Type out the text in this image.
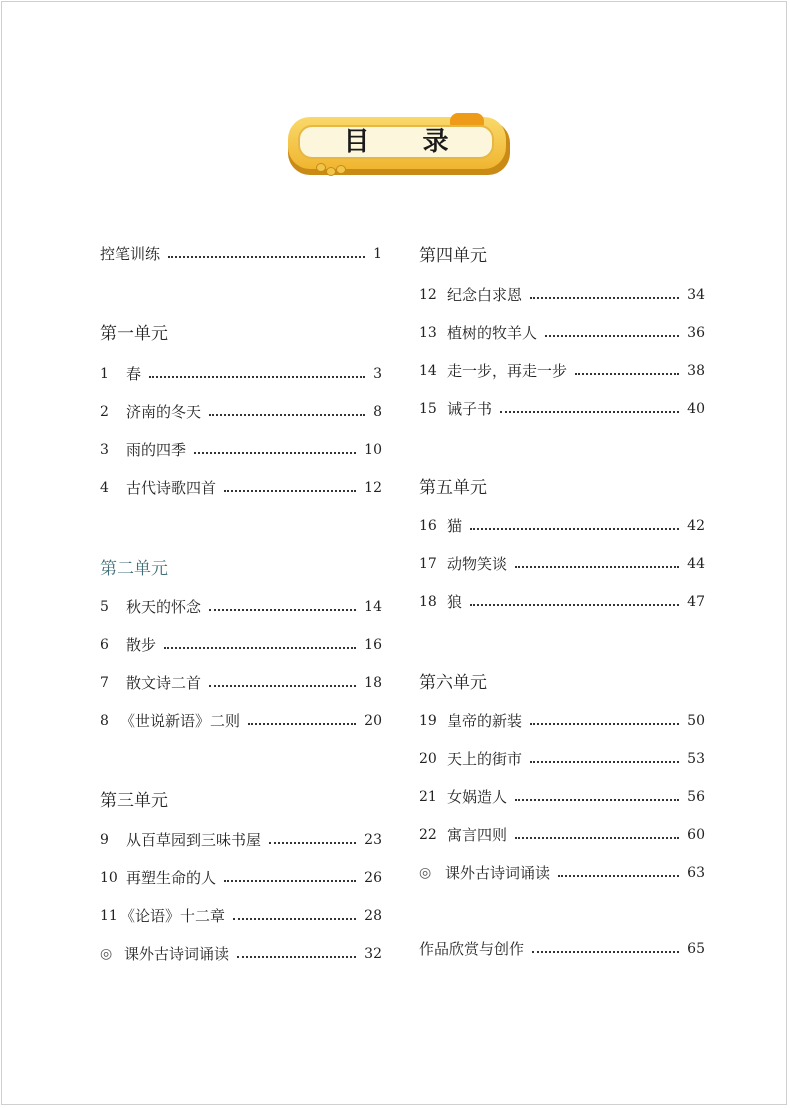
目 录
控笔训练	1
第一单元
1	春	3
2	济南的冬天	8
3	雨的四季	10
4	古代诗歌四首	12
第二单元
5	秋天的怀念	14
6	散步	16
7	散文诗二首	18
8 《世说新语》二则	20
第三单元
9	从百草园到三味书屋	23
10 再塑生命的人	26
11 《论语》十二章	28
◎ 课外古诗词诵读	32
第四单元
12 纪念白求恩	34
13 植树的牧羊人	36
14 走一步，再走一步	38
15 诫子书	40
第五单元
16 猫	42
17 动物笑谈	44
18 狼	47
第六单元
19 皇帝的新装	50
20 天上的街市	53
21 女娲造人	56
22 寓言四则	60
◎ 课外古诗词诵读	63
作品欣赏与创作	65
